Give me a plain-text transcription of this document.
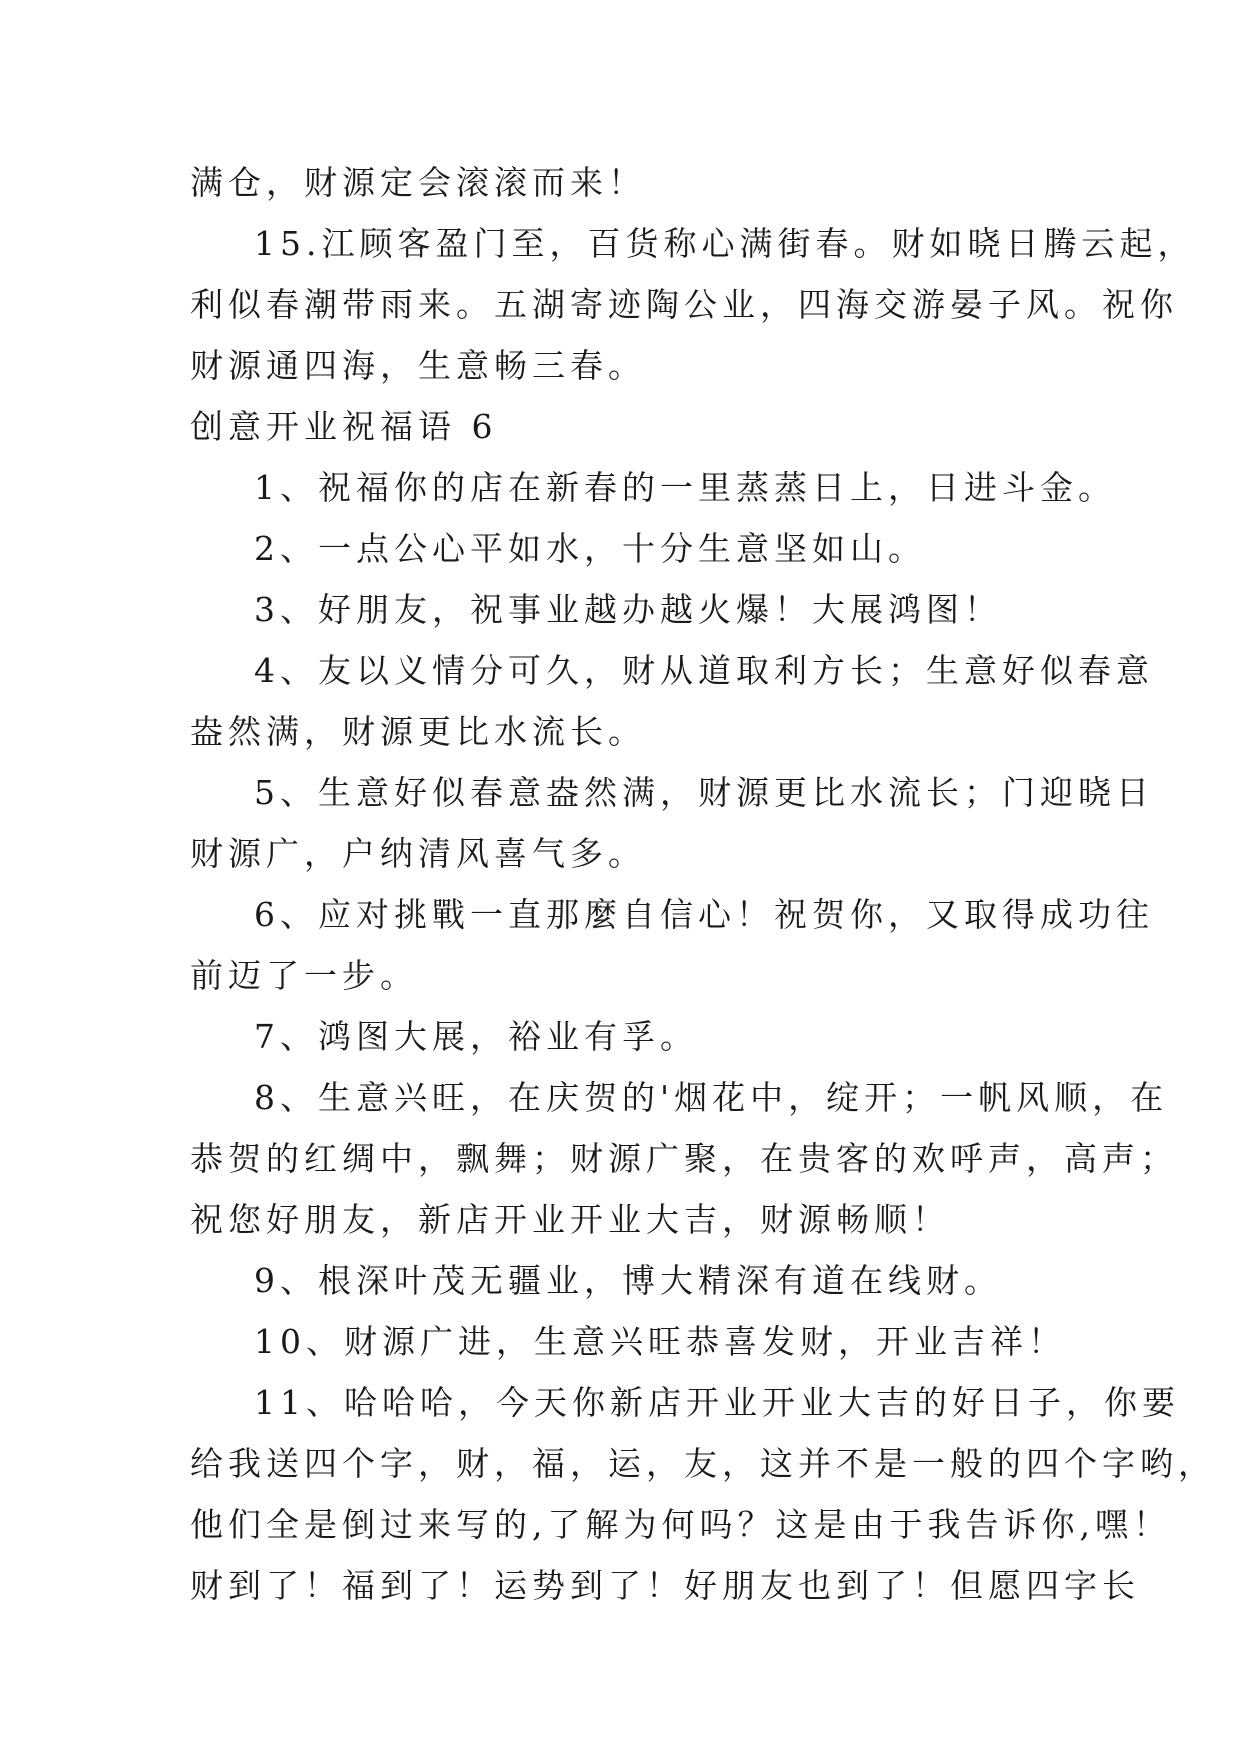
满仓，财源定会滚滚而来！

15.江顾客盈门至，百货称心满街春。财如晓日腾云起，

利似春潮带雨来。五湖寄迹陶公业，四海交游晏子风。祝你

财源通四海，生意畅三春。

创意开业祝福语 6

1、祝福你的店在新春的一里蒸蒸日上，日进斗金。

2、一点公心平如水，十分生意坚如山。

3、好朋友，祝事业越办越火爆！大展鸿图！

4、友以义情分可久，财从道取利方长；生意好似春意

盎然满，财源更比水流长。

5、生意好似春意盎然满，财源更比水流长；门迎晓日

财源广，户纳清风喜气多。

6、应对挑戰一直那麼自信心！祝贺你，又取得成功往

前迈了一步。

7、鸿图大展，裕业有孚。

8、生意兴旺，在庆贺的'烟花中，绽开；一帆风顺，在

恭贺的红绸中，飘舞；财源广聚，在贵客的欢呼声，高声；

祝您好朋友，新店开业开业大吉，财源畅顺！

9、根深叶茂无疆业，博大精深有道在线财。

10、财源广进，生意兴旺恭喜发财，开业吉祥！

11、哈哈哈，今天你新店开业开业大吉的好日子，你要

给我送四个字，财，福，运，友，这并不是一般的四个字哟，

他们全是倒过来写的,了解为何吗？这是由于我告诉你,嘿！

财到了！福到了！运势到了！好朋友也到了！但愿四字长
